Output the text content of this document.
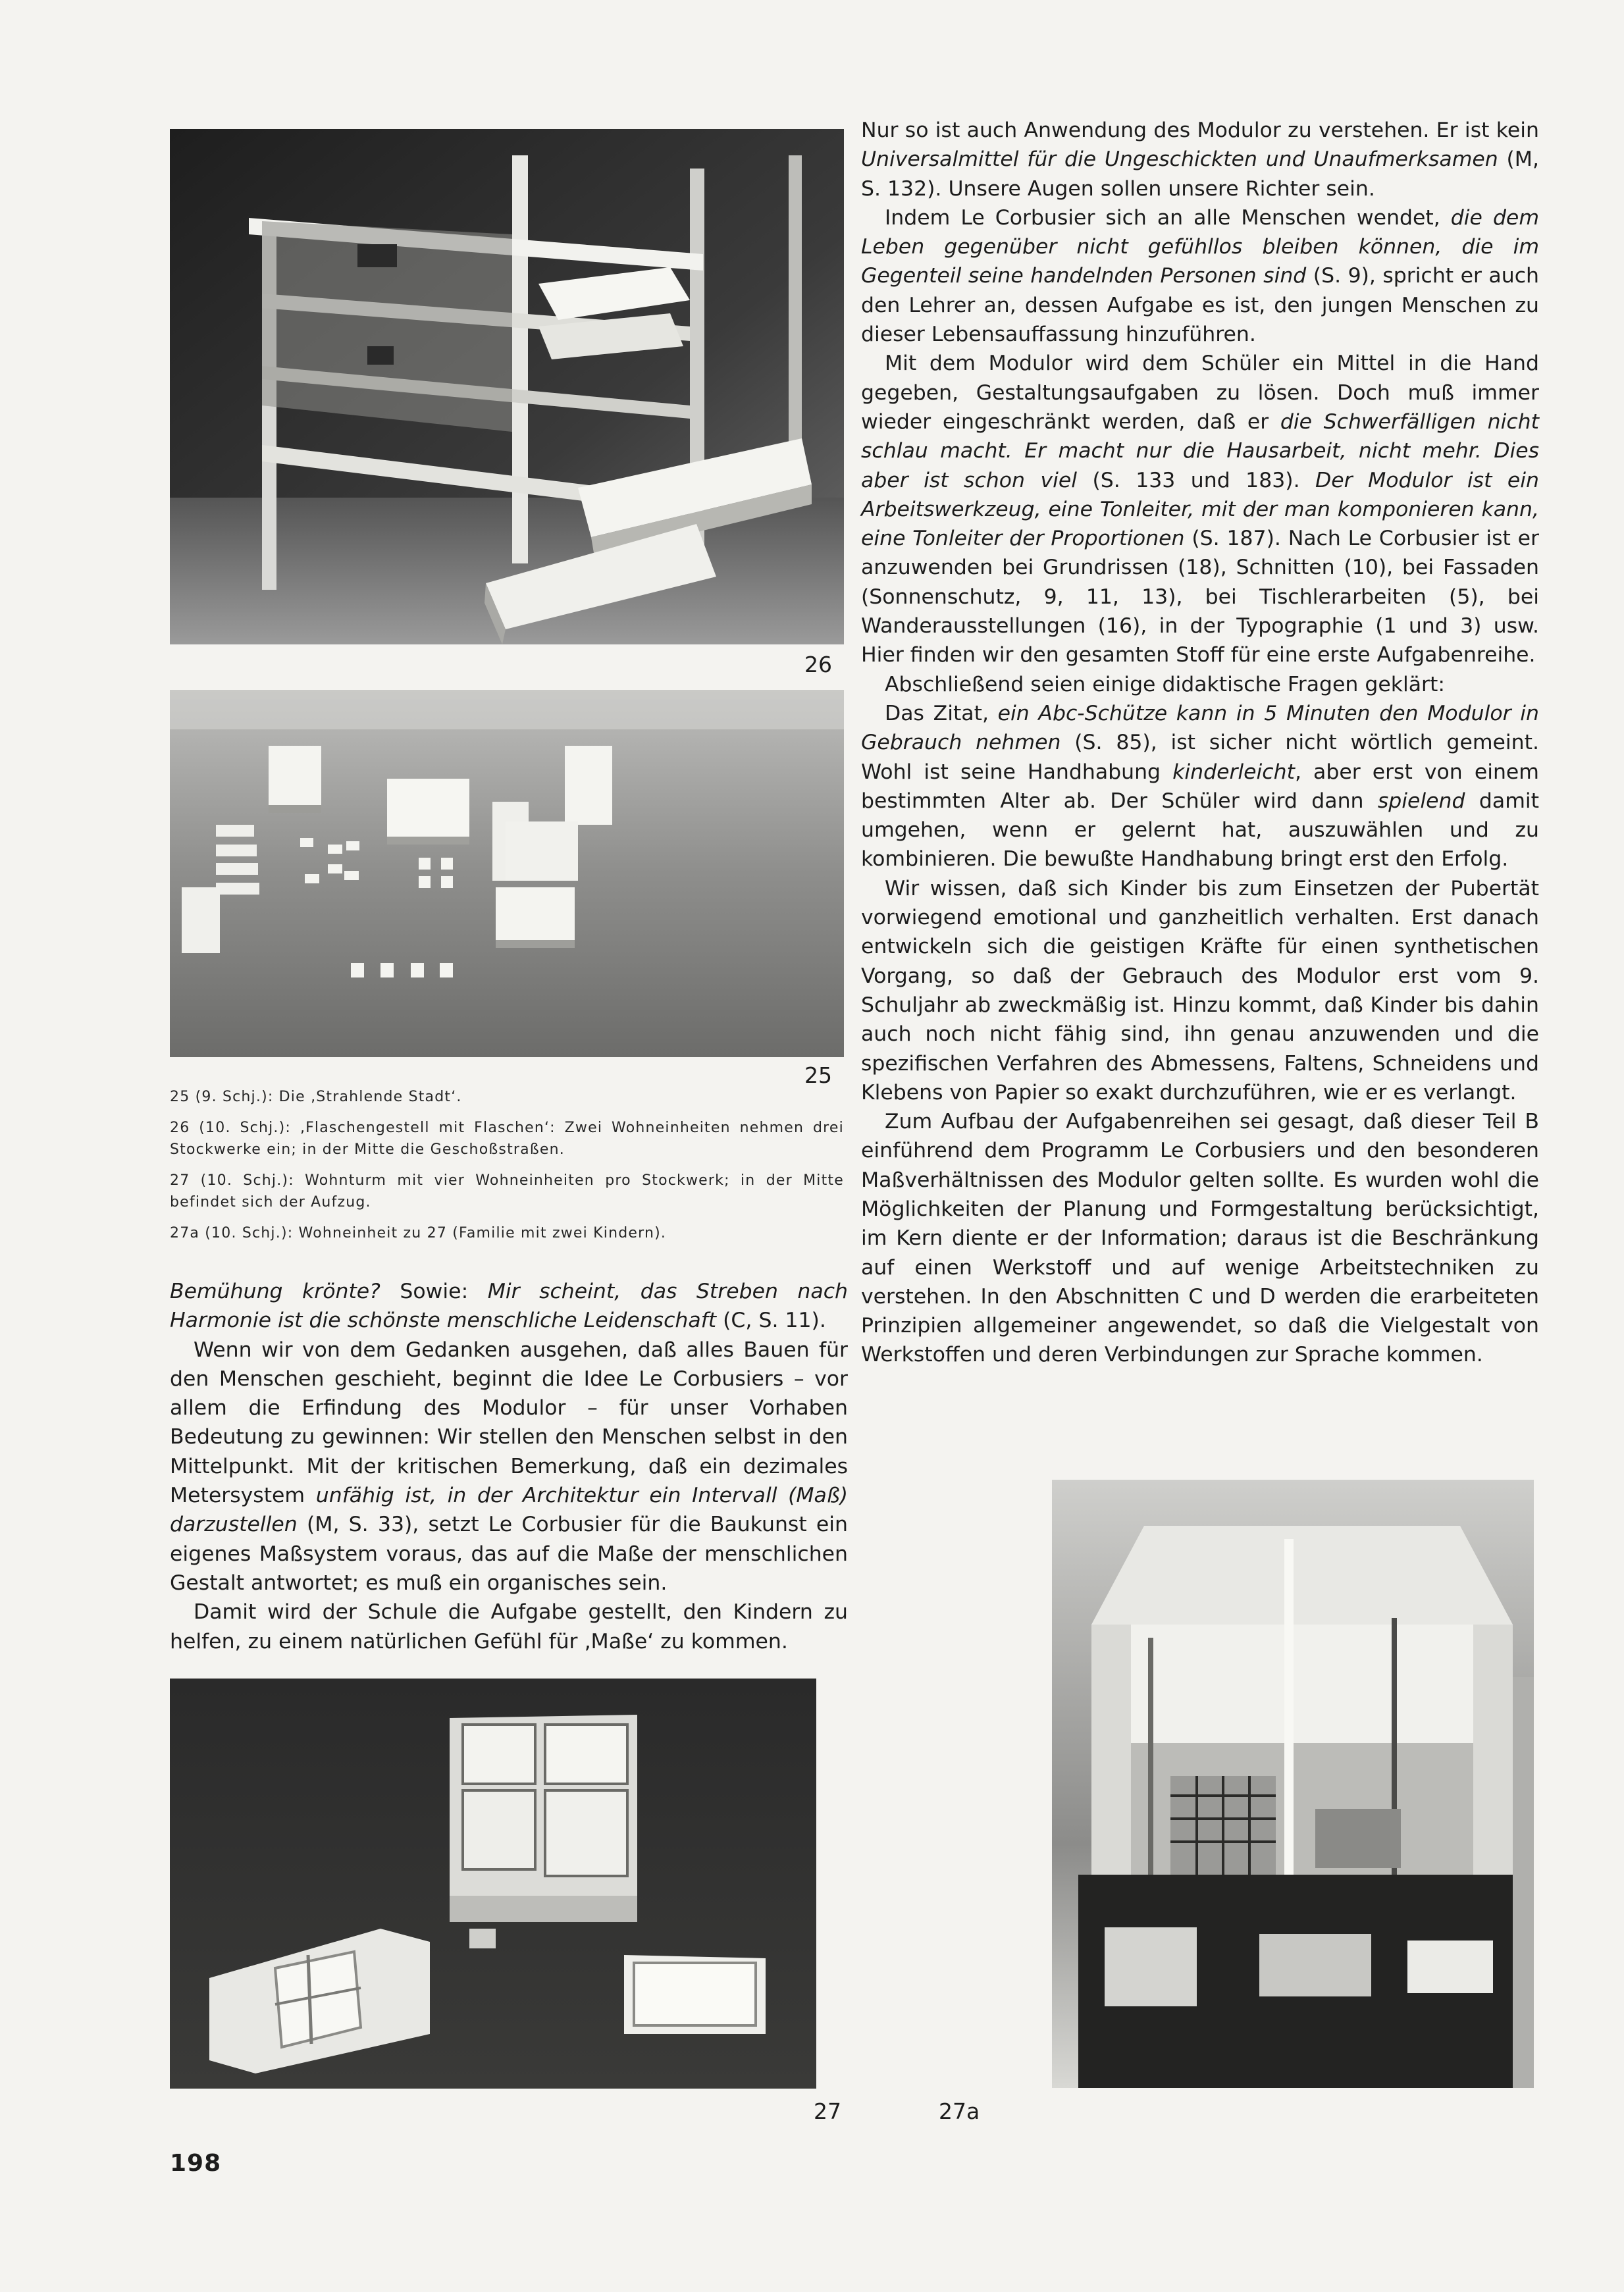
Nur so ist auch Anwendung des Modulor zu verstehen. Er ist kein Universalmittel für die Ungeschickten und Unaufmerksamen (M, S. 132). Unsere Augen sollen unsere Richter sein.

Indem Le Corbusier sich an alle Menschen wendet, die dem Leben gegenüber nicht gefühllos bleiben können, die im Gegenteil seine handelnden Personen sind (S. 9), spricht er auch den Lehrer an, dessen Aufgabe es ist, den jungen Menschen zu dieser Lebensauffassung hinzuführen.

Mit dem Modulor wird dem Schüler ein Mittel in die Hand gegeben, Gestaltungsaufgaben zu lösen. Doch muß immer wieder eingeschränkt werden, daß er die Schwerfälligen nicht schlau macht. Er macht nur die Hausarbeit, nicht mehr. Dies aber ist schon viel (S. 133 und 183). Der Modulor ist ein Arbeitswerkzeug, eine Tonleiter, mit der man komponieren kann, eine Tonleiter der Proportionen (S. 187). Nach Le Corbusier ist er anzuwenden bei Grundrissen (18), Schnitten (10), bei Fassaden (Sonnenschutz, 9, 11, 13), bei Tischlerarbeiten (5), bei Wanderausstellungen (16), in der Typographie (1 und 3) usw. Hier finden wir den gesamten Stoff für eine erste Aufgabenreihe.

Abschließend seien einige didaktische Fragen geklärt:

Das Zitat, ein Abc-Schütze kann in 5 Minuten den Modulor in Gebrauch nehmen (S. 85), ist sicher nicht wörtlich gemeint. Wohl ist seine Handhabung kinderleicht, aber erst von einem bestimmten Alter ab. Der Schüler wird dann spielend damit umgehen, wenn er gelernt hat, auszuwählen und zu kombinieren. Die bewußte Handhabung bringt erst den Erfolg.

Wir wissen, daß sich Kinder bis zum Einsetzen der Pubertät vorwiegend emotional und ganzheitlich verhalten. Erst danach entwickeln sich die geistigen Kräfte für einen synthetischen Vorgang, so daß der Gebrauch des Modulor erst vom 9. Schuljahr ab zweckmäßig ist. Hinzu kommt, daß Kinder bis dahin auch noch nicht fähig sind, ihn genau anzuwenden und die spezifischen Verfahren des Abmessens, Faltens, Schneidens und Klebens von Papier so exakt durchzuführen, wie er es verlangt.

Zum Aufbau der Aufgabenreihen sei gesagt, daß dieser Teil B einführend dem Programm Le Corbusiers und den besonderen Maßverhältnissen des Modulor gelten sollte. Es wurden wohl die Möglichkeiten der Planung und Formgestaltung berücksichtigt, im Kern diente er der Information; daraus ist die Beschränkung auf einen Werkstoff und auf wenige Arbeitstechniken zu verstehen. In den Abschnitten C und D werden die erarbeiteten Prinzipien allgemeiner angewendet, so daß die Vielgestalt von Werkstoffen und deren Verbindungen zur Sprache kommen.

26
25

25 (9. Schj.): Die ‚Strahlende Stadt‘.

26 (10. Schj.): ‚Flaschengestell mit Flaschen‘: Zwei Wohneinheiten nehmen drei Stockwerke ein; in der Mitte die Geschoßstraßen.

27 (10. Schj.): Wohnturm mit vier Wohneinheiten pro Stockwerk; in der Mitte befindet sich der Aufzug.

27a (10. Schj.): Wohneinheit zu 27 (Familie mit zwei Kindern).

Bemühung krönte? Sowie: Mir scheint, das Streben nach Harmonie ist die schönste menschliche Leidenschaft (C, S. 11).

Wenn wir von dem Gedanken ausgehen, daß alles Bauen für den Menschen geschieht, beginnt die Idee Le Corbusiers – vor allem die Erfindung des Modulor – für unser Vorhaben Bedeutung zu gewinnen: Wir stellen den Menschen selbst in den Mittelpunkt. Mit der kritischen Bemerkung, daß ein dezimales Metersystem unfähig ist, in der Architektur ein Intervall (Maß) darzustellen (M, S. 33), setzt Le Corbusier für die Baukunst ein eigenes Maßsystem voraus, das auf die Maße der menschlichen Gestalt antwortet; es muß ein organisches sein.

Damit wird der Schule die Aufgabe gestellt, den Kindern zu helfen, zu einem natürlichen Gefühl für ‚Maße‘ zu kommen.

27	27a
198
